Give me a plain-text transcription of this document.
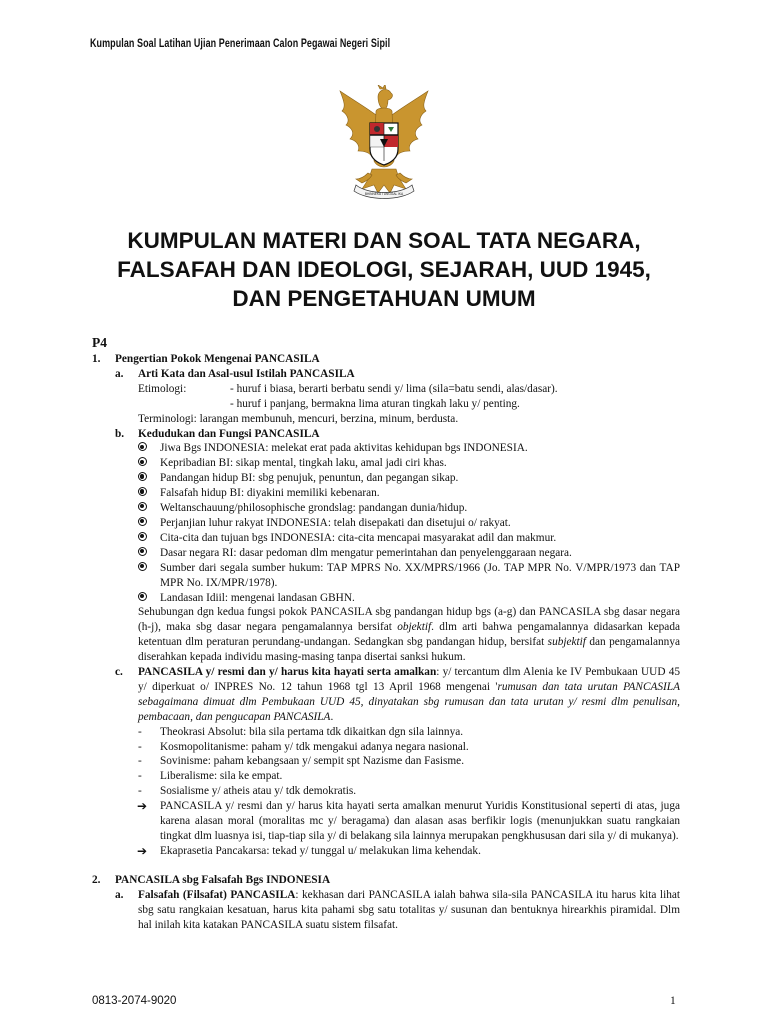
Kumpulan Soal Latihan Ujian Penerimaan Calon Pegawai Negeri Sipil
BHINNEKA TUNGGAL IKA
KUMPULAN MATERI DAN SOAL TATA NEGARA,
FALSAFAH DAN IDEOLOGI, SEJARAH, UUD 1945,
DAN PENGETAHUAN UMUM
P4
1. Pengertian Pokok Mengenai PANCASILA
a. Arti Kata dan Asal-usul Istilah PANCASILA
Etimologi:	- huruf i biasa, berarti berbatu sendi y/ lima (sila=batu sendi, alas/dasar).
- huruf i panjang, bermakna lima aturan tingkah laku y/ penting.
Terminologi: larangan membunuh, mencuri, berzina, minum, berdusta.
b. Kedudukan dan Fungsi PANCASILA
Jiwa Bgs INDONESIA: melekat erat pada aktivitas kehidupan bgs INDONESIA.
Kepribadian BI: sikap mental, tingkah laku, amal jadi ciri khas.
Pandangan hidup BI: sbg penujuk, penuntun, dan pegangan sikap.
Falsafah hidup BI: diyakini memiliki kebenaran.
Weltanschauung/philosophische grondslag: pandangan dunia/hidup.
Perjanjian luhur rakyat INDONESIA: telah disepakati dan disetujui o/ rakyat.
Cita-cita dan tujuan bgs INDONESIA: cita-cita mencapai masyarakat adil dan makmur.
Dasar negara RI: dasar pedoman dlm mengatur pemerintahan dan penyelenggaraan negara.
Sumber dari segala sumber hukum: TAP MPRS No. XX/MPRS/1966 (Jo. TAP MPR No. V/MPR/1973 dan TAP MPR No. IX/MPR/1978).
Landasan Idiil: mengenai landasan GBHN.

Sehubungan dgn kedua fungsi pokok PANCASILA sbg pandangan hidup bgs (a-g) dan PANCASILA sbg dasar negara (h-j), maka sbg dasar negara pengamalannya bersifat objektif. dlm arti bahwa pengamalannya didasarkan kepada ketentuan dlm peraturan perundang-undangan. Sedangkan sbg pandangan hidup, bersifat subjektif dan pengamalannya diserahkan kepada individu masing-masing tanpa disertai sanksi hukum.

c. PANCASILA y/ resmi dan y/ harus kita hayati serta amalkan: y/ tercantum dlm Alenia ke IV Pembukaan UUD 45 y/ diperkuat o/ INPRES No. 12 tahun 1968 tgl 13 April 1968 mengenai 'rumusan dan tata urutan PANCASILA sebagaimana dimuat dlm Pembukaan UUD 45, dinyatakan sbg rumusan dan tata urutan y/ resmi dlm penulisan, pembacaan, dan pengucapan PANCASILA.
- Theokrasi Absolut: bila sila pertama tdk dikaitkan dgn sila lainnya.
- Kosmopolitanisme: paham y/ tdk mengakui adanya negara nasional.
- Sovinisme: paham kebangsaan y/ sempit spt Nazisme dan Fasisme.
- Liberalisme: sila ke empat.
- Sosialisme y/ atheis atau y/ tdk demokratis.
➔ PANCASILA y/ resmi dan y/ harus kita hayati serta amalkan menurut Yuridis Konstitusional seperti di atas, juga karena alasan moral (moralitas mc y/ beragama) dan alasan asas berfikir logis (menunjukkan suatu rangkaian tingkat dlm luasnya isi, tiap-tiap sila y/ di belakang sila lainnya merupakan pengkhususan dari sila y/ di mukanya).
➔ Ekaprasetia Pancakarsa: tekad y/ tunggal u/ melakukan lima kehendak.
2. PANCASILA sbg Falsafah Bgs INDONESIA
a. Falsafah (Filsafat) PANCASILA: kekhasan dari PANCASILA ialah bahwa sila-sila PANCASILA itu harus kita lihat sbg satu rangkaian kesatuan, harus kita pahami sbg satu totalitas y/ susunan dan bentuknya hirearkhis piramidal. Dlm hal inilah kita katakan PANCASILA suatu sistem filsafat.
0813-2074-9020	1
